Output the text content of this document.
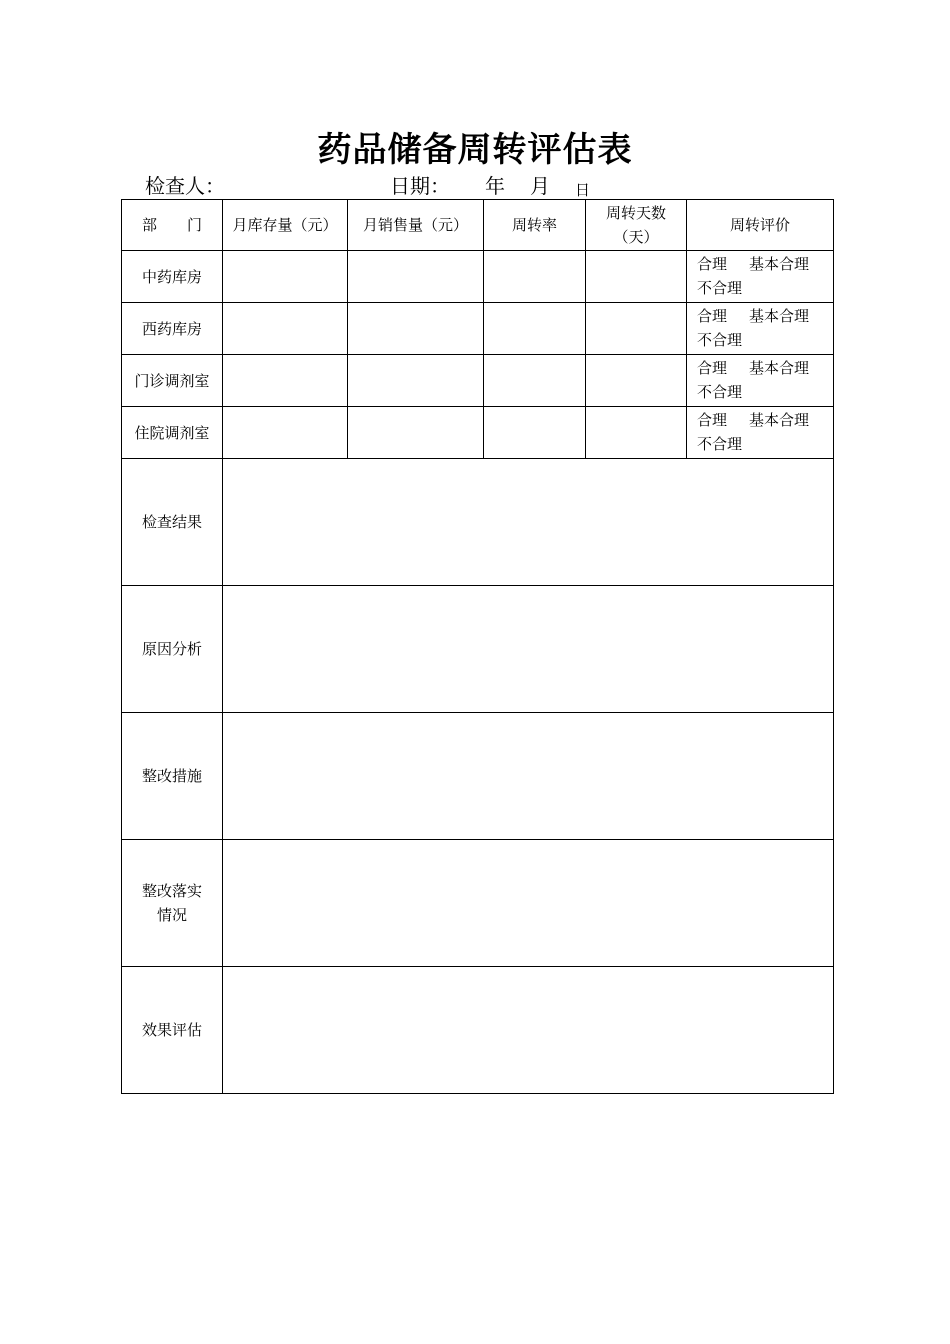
药品储备周转评估表
检查人：	日期： 年 月 日
部　　门	月库存量（元）	月销售量（元）	周转率	周转天数（天）	周转评价
中药库房					合理 基本合理
不合理

西药库房					合理 基本合理
不合理

门诊调剂室					合理 基本合理
不合理

住院调剂室					合理 基本合理
不合理

检查结果					
原因分析					
整改措施					
整改落实情况					
效果评估					
